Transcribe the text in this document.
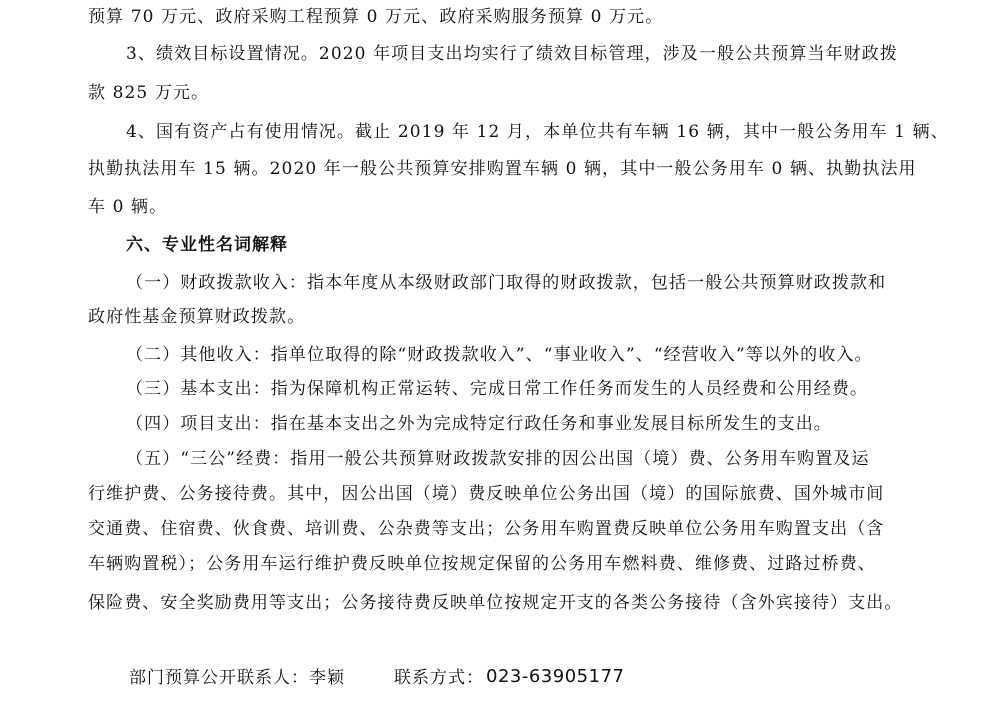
预算 70 万元、政府采购工程预算 0 万元、政府采购服务预算 0 万元。
3、绩效目标设置情况。2020 年项目支出均实行了绩效目标管理，涉及一般公共预算当年财政拨
款 825 万元。
4、国有资产占有使用情况。截止 2019 年 12 月，本单位共有车辆 16 辆，其中一般公务用车 1 辆、
执勤执法用车 15 辆。2020 年一般公共预算安排购置车辆 0 辆，其中一般公务用车 0 辆、执勤执法用
车 0 辆。
六、专业性名词解释
（一）财政拨款收入：指本年度从本级财政部门取得的财政拨款，包括一般公共预算财政拨款和
政府性基金预算财政拨款。
（二）其他收入：指单位取得的除“财政拨款收入”、“事业收入”、“经营收入”等以外的收入。
（三）基本支出：指为保障机构正常运转、完成日常工作任务而发生的人员经费和公用经费。
（四）项目支出：指在基本支出之外为完成特定行政任务和事业发展目标所发生的支出。
（五）“三公”经费：指用一般公共预算财政拨款安排的因公出国（境）费、公务用车购置及运
行维护费、公务接待费。其中，因公出国（境）费反映单位公务出国（境）的国际旅费、国外城市间
交通费、住宿费、伙食费、培训费、公杂费等支出；公务用车购置费反映单位公务用车购置支出（含
车辆购置税）；公务用车运行维护费反映单位按规定保留的公务用车燃料费、维修费、过路过桥费、
保险费、安全奖励费用等支出；公务接待费反映单位按规定开支的各类公务接待（含外宾接待）支出。
部门预算公开联系人：李颖	联系方式： 023-63905177
